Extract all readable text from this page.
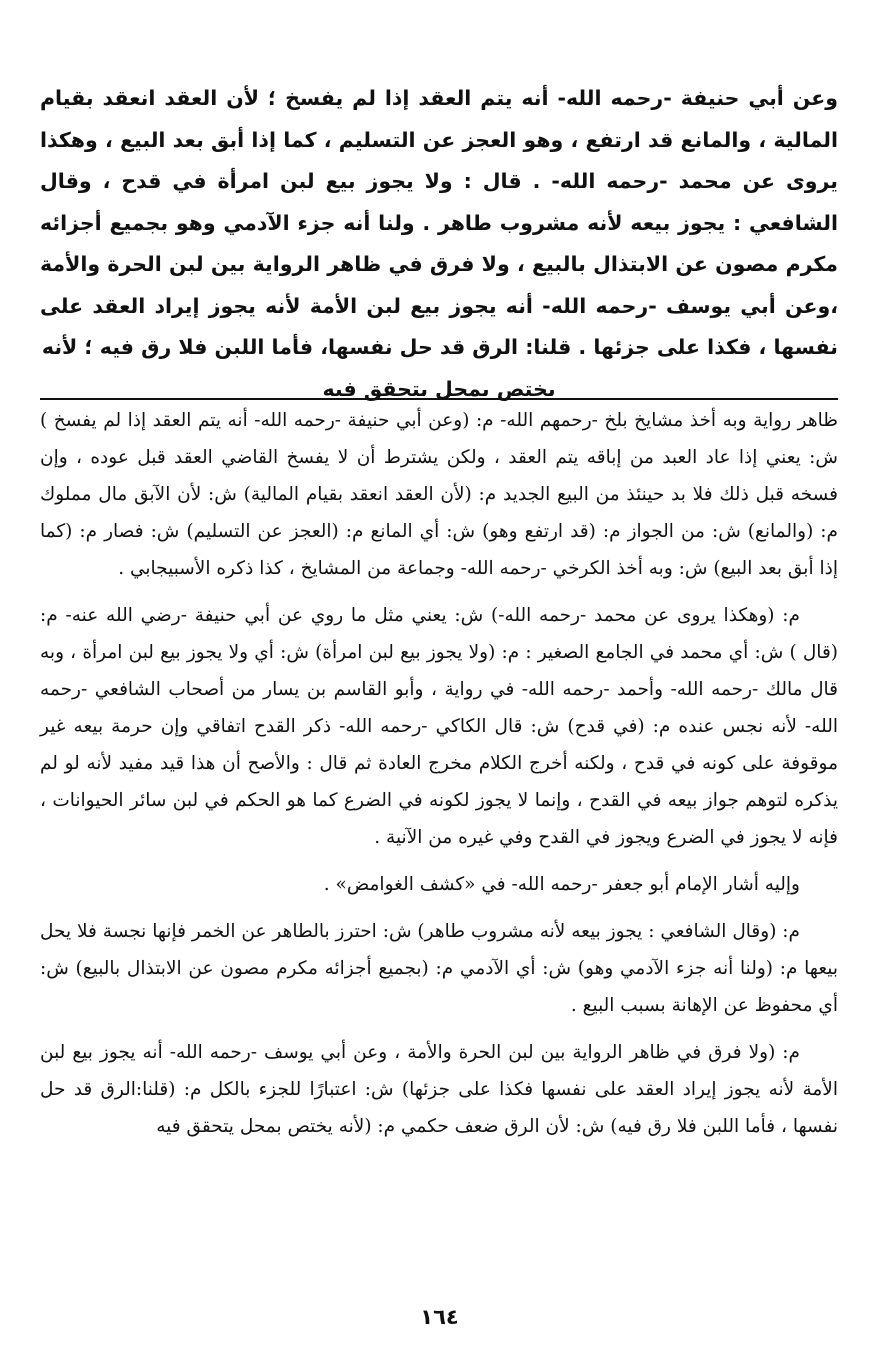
وعن أبي حنيفة -رحمه الله- أنه يتم العقد إذا لم يفسخ ؛ لأن العقد انعقد بقيام المالية ، والمانع قد ارتفع ، وهو العجز عن التسليم ، كما إذا أبق بعد البيع ، وهكذا يروى عن محمد -رحمه الله- . قال : ولا يجوز بيع لبن امرأة في قدح ، وقال الشافعي : يجوز بيعه لأنه مشروب طاهر . ولنا أنه جزء الآدمي وهو بجميع أجزائه مكرم مصون عن الابتذال بالبيع ، ولا فرق في ظاهر الرواية بين لبن الحرة والأمة ،وعن أبي يوسف -رحمه الله- أنه يجوز بيع لبن الأمة لأنه يجوز إيراد العقد على نفسها ، فكذا على جزئها . قلنا: الرق قد حل نفسها، فأما اللبن فلا رق فيه ؛ لأنه

يختص بمحل يتحقق فيه

ظاهر رواية وبه أخذ مشايخ بلخ -رحمهم الله- م: (وعن أبي حنيفة -رحمه الله- أنه يتم العقد إذا لم يفسخ ) ش: يعني إذا عاد العبد من إباقه يتم العقد ، ولكن يشترط أن لا يفسخ القاضي العقد قبل عوده ، وإن فسخه قبل ذلك فلا بد حينئذ من البيع الجديد م: (لأن العقد انعقد بقيام المالية) ش: لأن الآبق مال مملوك م: (والمانع) ش: من الجواز م: (قد ارتفع وهو) ش: أي المانع م: (العجز عن التسليم) ش: فصار م: (كما إذا أبق بعد البيع) ش: وبه أخذ الكرخي -رحمه الله- وجماعة من المشايخ ، كذا ذكره الأسبيجابي .

م: (وهكذا يروى عن محمد -رحمه الله-) ش: يعني مثل ما روي عن أبي حنيفة -رضي الله عنه- م: (قال ) ش: أي محمد في الجامع الصغير : م: (ولا يجوز بيع لبن امرأة) ش: أي ولا يجوز بيع لبن امرأة ، وبه قال مالك -رحمه الله- وأحمد -رحمه الله- في رواية ، وأبو القاسم بن يسار من أصحاب الشافعي -رحمه الله- لأنه نجس عنده م: (في قدح) ش: قال الكاكي -رحمه الله- ذكر القدح اتفاقي وإن حرمة بيعه غير موقوفة على كونه في قدح ، ولكنه أخرج الكلام مخرج العادة ثم قال : والأصح أن هذا قيد مفيد لأنه لو لم يذكره لتوهم جواز بيعه في القدح ، وإنما لا يجوز لكونه في الضرع كما هو الحكم في لبن سائر الحيوانات ، فإنه لا يجوز في الضرع ويجوز في القدح وفي غيره من الآنية .

وإليه أشار الإمام أبو جعفر -رحمه الله- في «كشف الغوامض» .

م: (وقال الشافعي : يجوز بيعه لأنه مشروب طاهر) ش: احترز بالطاهر عن الخمر فإنها نجسة فلا يحل بيعها م: (ولنا أنه جزء الآدمي وهو) ش: أي الآدمي م: (بجميع أجزائه مكرم مصون عن الابتذال بالبيع) ش: أي محفوظ عن الإهانة بسبب البيع .

م: (ولا فرق في ظاهر الرواية بين لبن الحرة والأمة ، وعن أبي يوسف -رحمه الله- أنه يجوز بيع لبن الأمة لأنه يجوز إيراد العقد على نفسها فكذا على جزئها) ش: اعتبارًا للجزء بالكل م: (قلنا:الرق قد حل نفسها ، فأما اللبن فلا رق فيه) ش: لأن الرق ضعف حكمي م: (لأنه يختص بمحل يتحقق فيه

١٦٤
